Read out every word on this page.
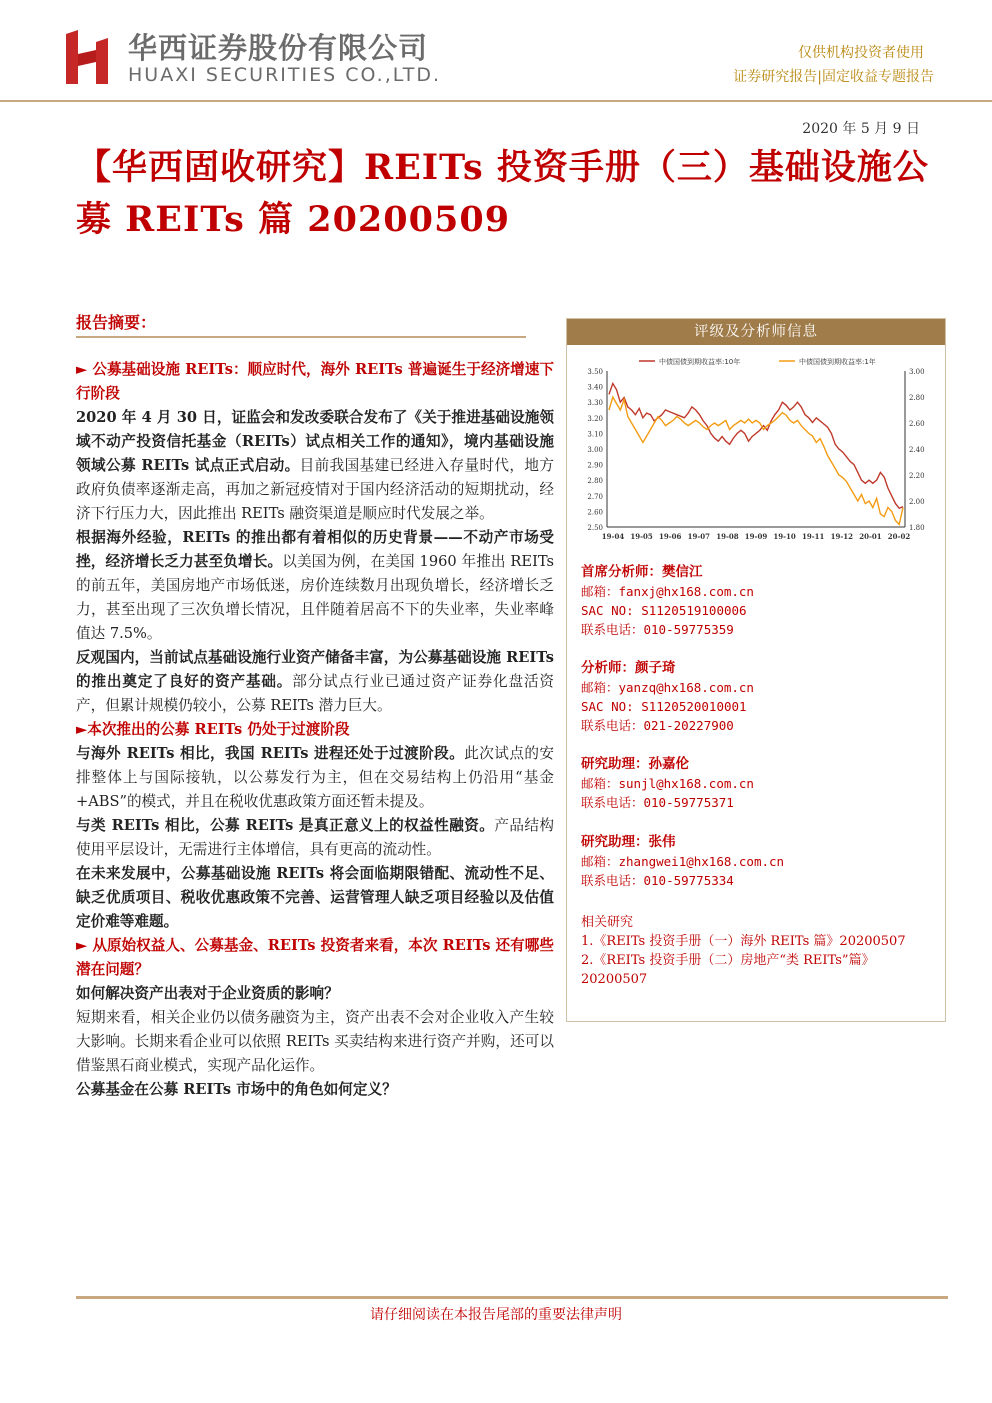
华西证券股份有限公司
HUAXI SECURITIES CO.,LTD.
仅供机构投资者使用
证券研究报告|固定收益专题报告
2020 年 5 月 9 日
【华西固收研究】REITs 投资手册（三）基础设施公募 REITs 篇 20200509
报告摘要：

► 公募基础设施 REITs：顺应时代，海外 REITs 普遍诞生于经济增速下行阶段

2020 年 4 月 30 日，证监会和发改委联合发布了《关于推进基础设施领域不动产投资信托基金（REITs）试点相关工作的通知》，境内基础设施领域公募 REITs 试点正式启动。目前我国基建已经进入存量时代，地方政府负债率逐渐走高，再加之新冠疫情对于国内经济活动的短期扰动，经济下行压力大，因此推出 REITs 融资渠道是顺应时代发展之举。

根据海外经验，REITs 的推出都有着相似的历史背景——不动产市场受挫，经济增长乏力甚至负增长。以美国为例，在美国 1960 年推出 REITs 的前五年，美国房地产市场低迷，房价连续数月出现负增长，经济增长乏力，甚至出现了三次负增长情况，且伴随着居高不下的失业率，失业率峰值达 7.5%。

反观国内，当前试点基础设施行业资产储备丰富，为公募基础设施 REITs 的推出奠定了良好的资产基础。部分试点行业已通过资产证券化盘活资产，但累计规模仍较小，公募 REITs 潜力巨大。

►本次推出的公募 REITs 仍处于过渡阶段

与海外 REITs 相比，我国 REITs 进程还处于过渡阶段。此次试点的安排整体上与国际接轨，以公募发行为主，但在交易结构上仍沿用“基金+ABS”的模式，并且在税收优惠政策方面还暂未提及。

与类 REITs 相比，公募 REITs 是真正意义上的权益性融资。产品结构使用平层设计，无需进行主体增信，具有更高的流动性。

在未来发展中，公募基础设施 REITs 将会面临期限错配、流动性不足、缺乏优质项目、税收优惠政策不完善、运营管理人缺乏项目经验以及估值定价难等难题。

► 从原始权益人、公募基金、REITs 投资者来看，本次 REITs 还有哪些潜在问题？

如何解决资产出表对于企业资质的影响？

短期来看，相关企业仍以债务融资为主，资产出表不会对企业收入产生较大影响。长期来看企业可以依照 REITs 买卖结构来进行资产并购，还可以借鉴黑石商业模式，实现产品化运作。

公募基金在公募 REITs 市场中的角色如何定义？

评级及分析师信息
3.50
3.40
3.30
3.20
3.10
3.00
2.90
2.80
2.70
2.60
2.50
3.00
2.80
2.60
2.40
2.20
2.00
1.80
19-04 19-05 19-06 19-07 19-08 19-09 19-10 19-11 19-12 20-01 20-02
中债国债到期收益率:10年	中债国债到期收益率:1年
首席分析师：樊信江
邮箱：fanxj@hx168.com.cn
SAC NO: S1120519100006
联系电话：010-59775359
分析师：颜子琦
邮箱：yanzq@hx168.com.cn
SAC NO: S1120520010001
联系电话：021-20227900
研究助理：孙嘉伦
邮箱：sunjl@hx168.com.cn
联系电话：010-59775371
研究助理：张伟
邮箱：zhangwei1@hx168.com.cn
联系电话：010-59775334
相关研究
1.《REITs 投资手册（一）海外 REITs 篇》20200507
2.《REITs 投资手册（二）房地产“类 REITs”篇》20200507
请仔细阅读在本报告尾部的重要法律声明
